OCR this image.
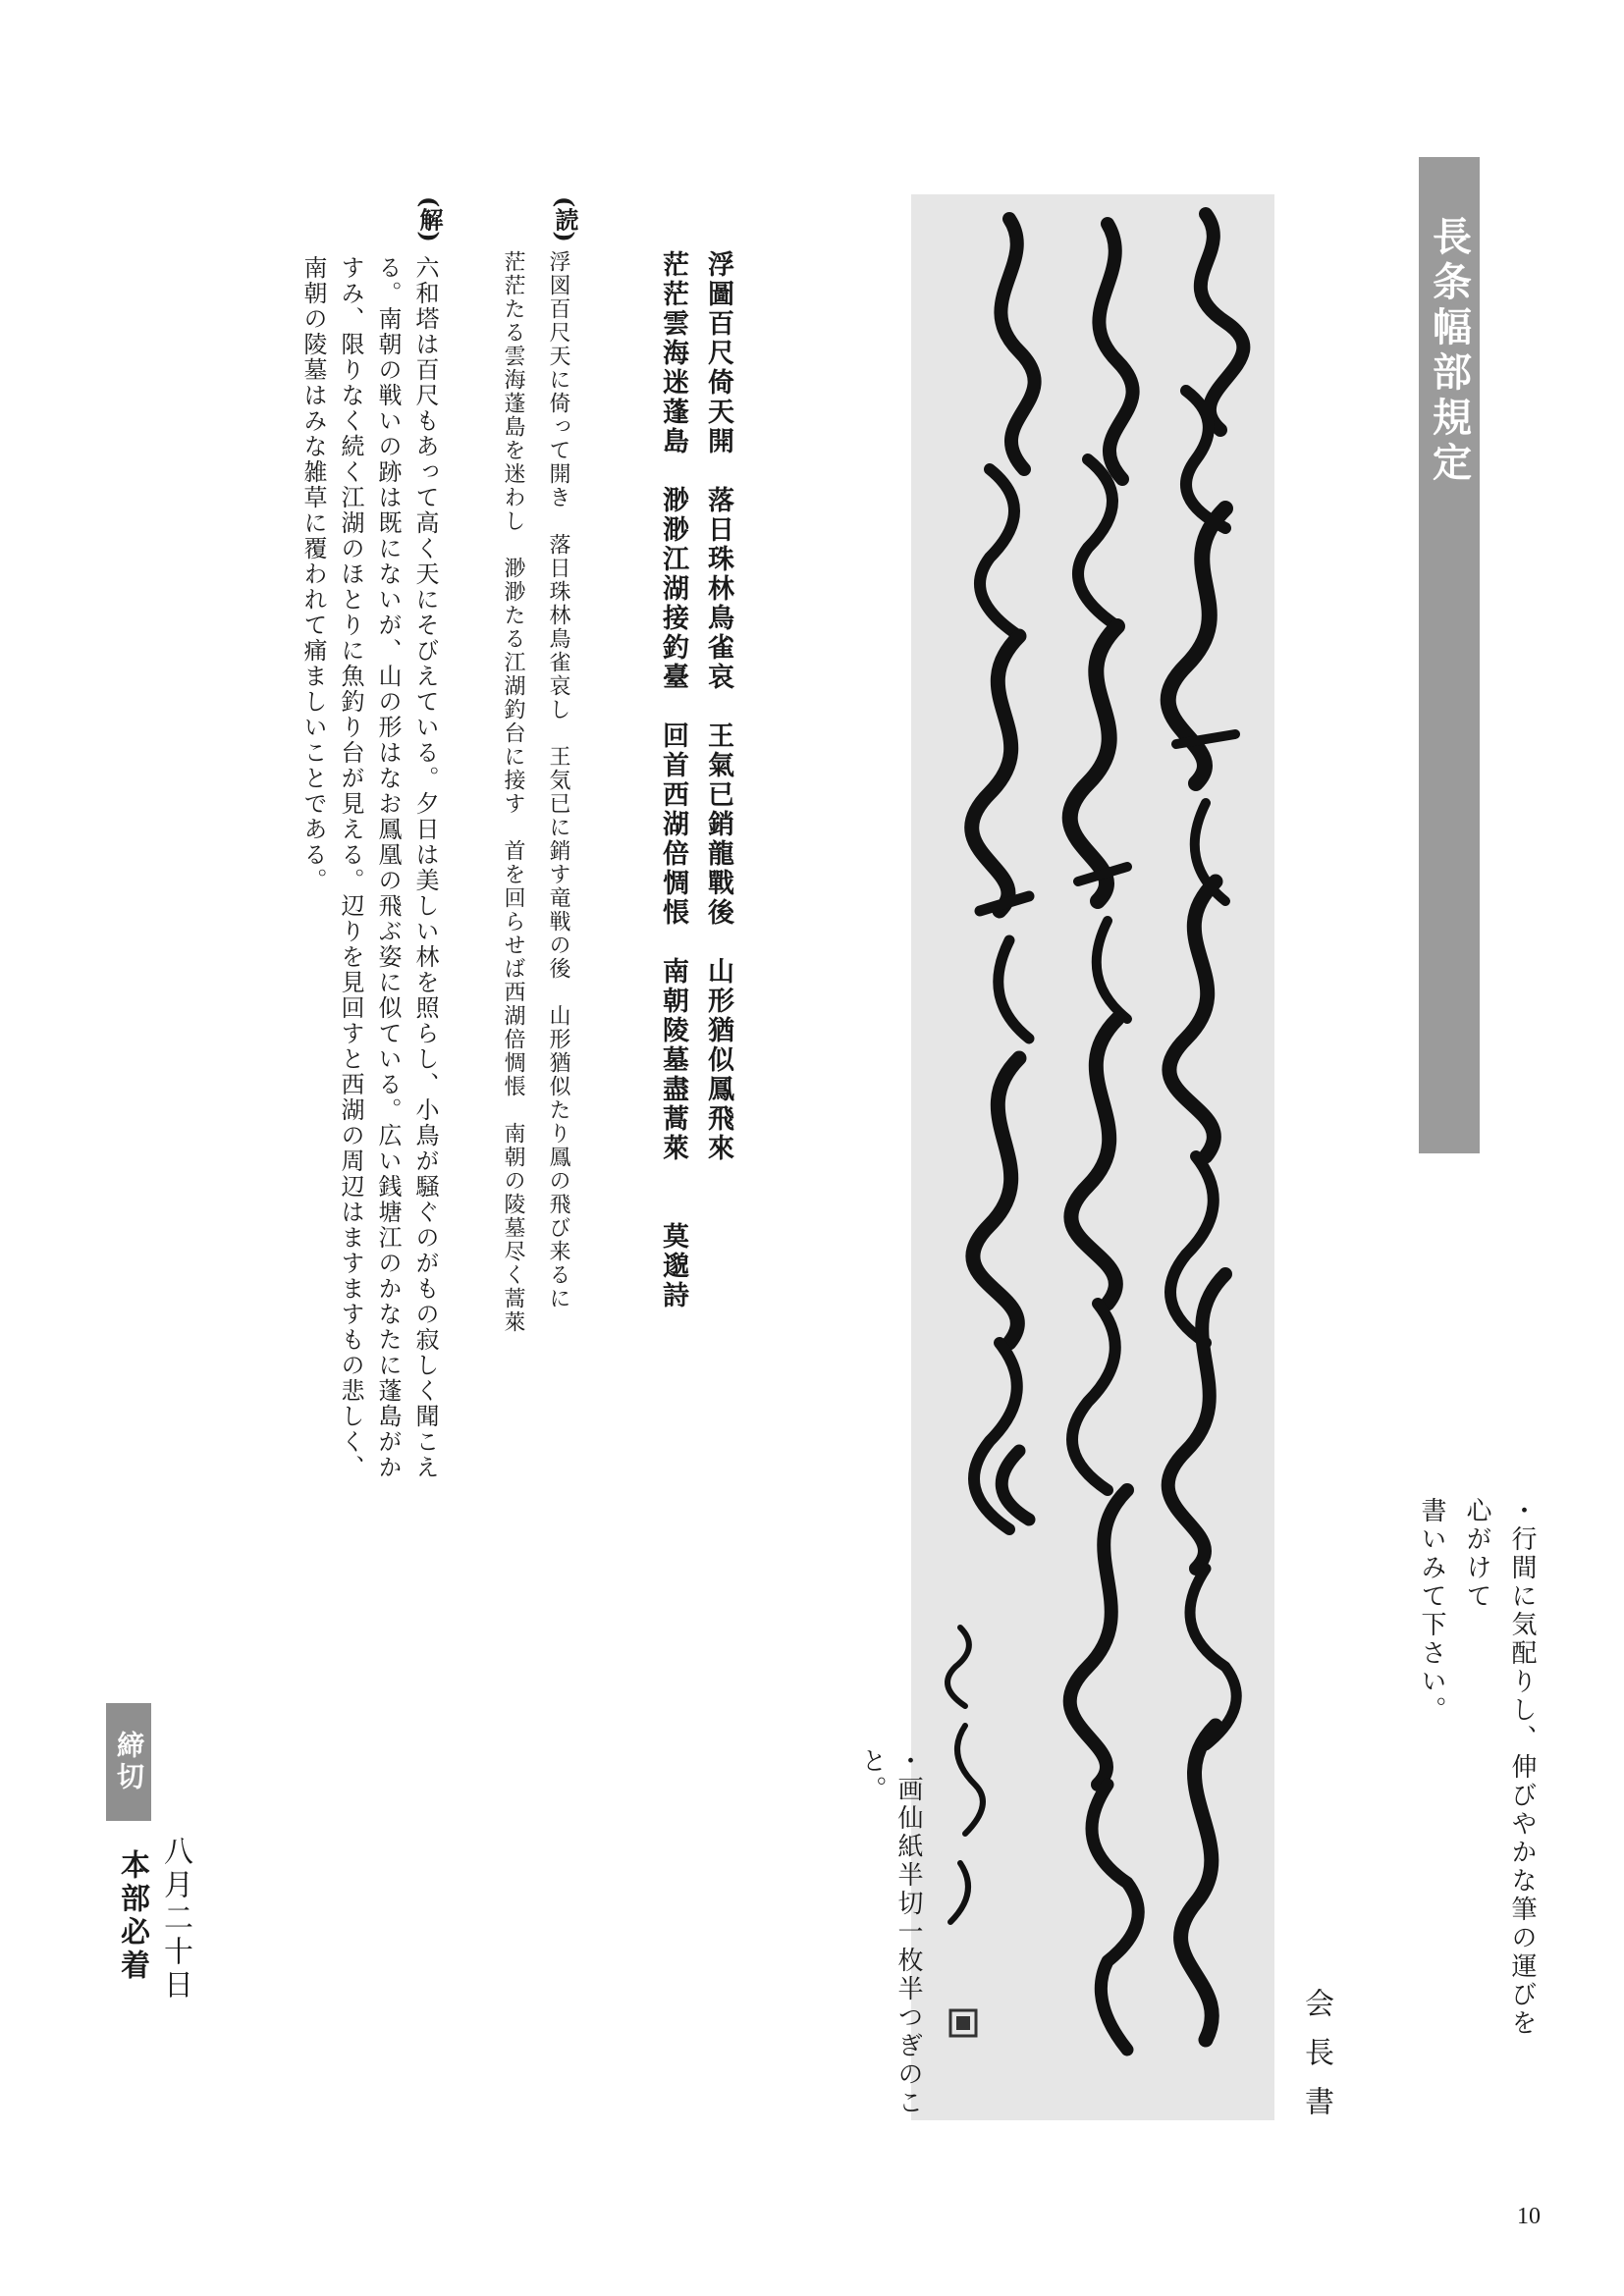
長条幅部規定
・行間に気配りし、伸びやかな筆の運びを心がけて
書いみて下さい。
会長書
・画仙紙半切一枚半つぎのこと。
浮圖百尺倚天開　落日珠林鳥雀哀　王氣已銷龍戰後　山形猶似鳳飛來
茫茫雲海迷蓬島　渺渺江湖接釣臺　回首西湖倍惆悵　南朝陵墓盡蒿萊　　莫邈詩
(読)
浮図百尺天に倚って開き　落日珠林鳥雀哀し　王気已に銷す竜戦の後　山形猶似たり鳳の飛び来るに
茫茫たる雲海蓬島を迷わし　渺渺たる江湖釣台に接す　首を回らせば西湖倍惆悵　南朝の陵墓尽く蒿萊
(解)
六和塔は百尺もあって高く天にそびえている。夕日は美しい林を照らし、小鳥が騒ぐのがもの寂しく聞こえる。南朝の戦いの跡は既にないが、山の形はなお鳳凰の飛ぶ姿に似ている。広い銭塘江のかなたに蓬島がかすみ、限りなく続く江湖のほとりに魚釣り台が見える。辺りを見回すと西湖の周辺はますますもの悲しく、南朝の陵墓はみな雑草に覆われて痛ましいことである。
締切
八月二十日 本部必着
10
